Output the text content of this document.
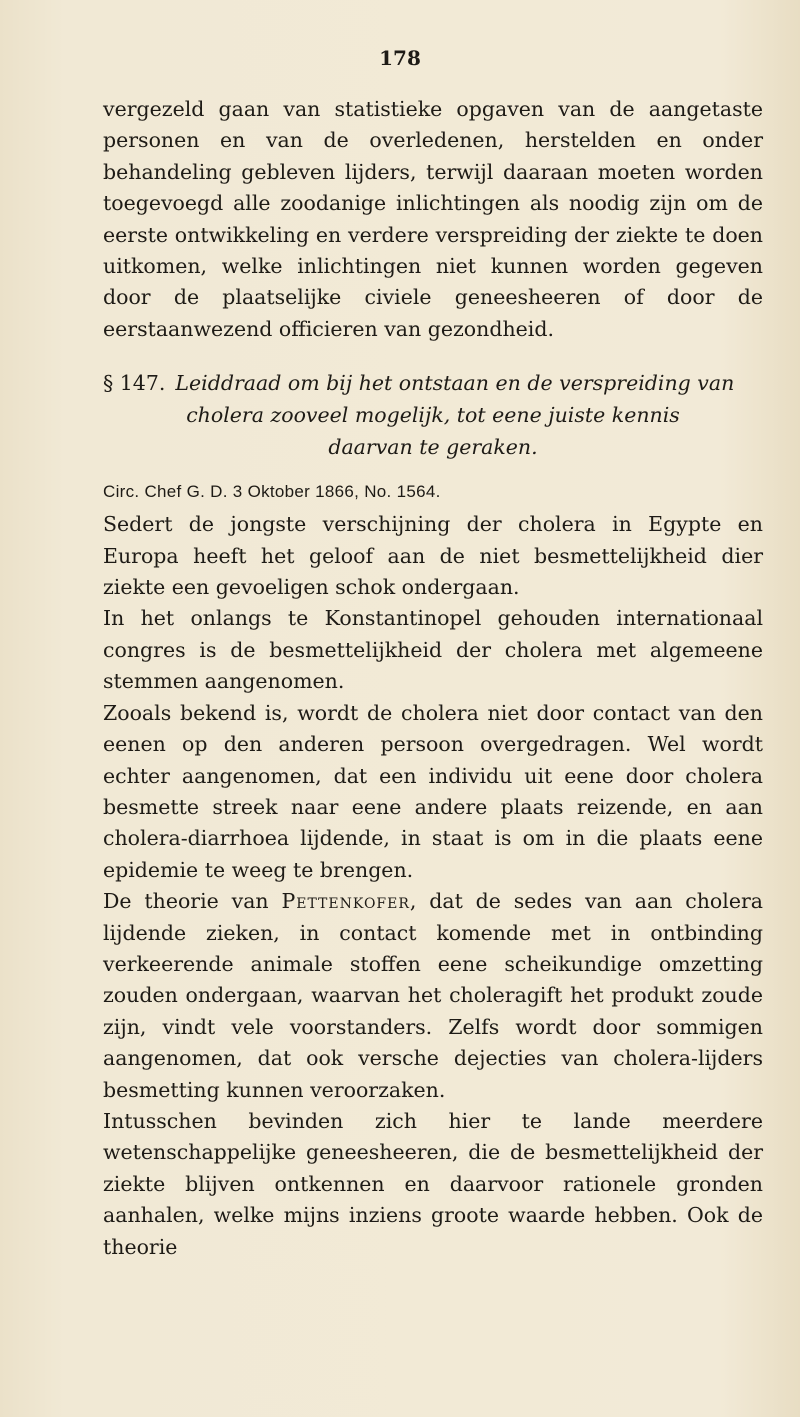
178

vergezeld gaan van statistieke opgaven van de aangetaste personen en van de overledenen, herstelden en onder behandeling gebleven lijders, terwijl daaraan moeten worden toegevoegd alle zoodanige inlichtingen als noodig zijn om de eerste ontwikkeling en verdere verspreiding der ziekte te doen uitkomen, welke inlichtingen niet kunnen worden gegeven door de plaatselijke civiele geneesheeren of door de eerstaanwezend officieren van gezondheid.

§ 147. Leiddraad om bij het ontstaan en de verspreiding van
cholera zooveel mogelijk, tot eene juiste kennis
daarvan te geraken.
Circ. Chef G. D. 3 Oktober 1866, No. 1564.

Sedert de jongste verschijning der cholera in Egypte en Europa heeft het geloof aan de niet besmettelijkheid dier ziekte een gevoeligen schok ondergaan.

In het onlangs te Konstantinopel gehouden internationaal congres is de besmettelijkheid der cholera met algemeene stemmen aangenomen.

Zooals bekend is, wordt de cholera niet door contact van den eenen op den anderen persoon overgedragen. Wel wordt echter aangenomen, dat een individu uit eene door cholera besmette streek naar eene andere plaats reizende, en aan cholera-diarrhoea lijdende, in staat is om in die plaats eene epidemie te weeg te brengen.

De theorie van Pettenkofer, dat de sedes van aan cholera lijdende zieken, in contact komende met in ontbinding verkeerende animale stoffen eene scheikundige omzetting zouden ondergaan, waarvan het choleragift het produkt zoude zijn, vindt vele voorstanders. Zelfs wordt door sommigen aangenomen, dat ook versche dejecties van cholera-lijders besmetting kunnen veroorzaken.

Intusschen bevinden zich hier te lande meerdere wetenschappelijke geneesheeren, die de besmettelijkheid der ziekte blijven ontkennen en daarvoor rationele gronden aanhalen, welke mijns inziens groote waarde hebben. Ook de theorie
